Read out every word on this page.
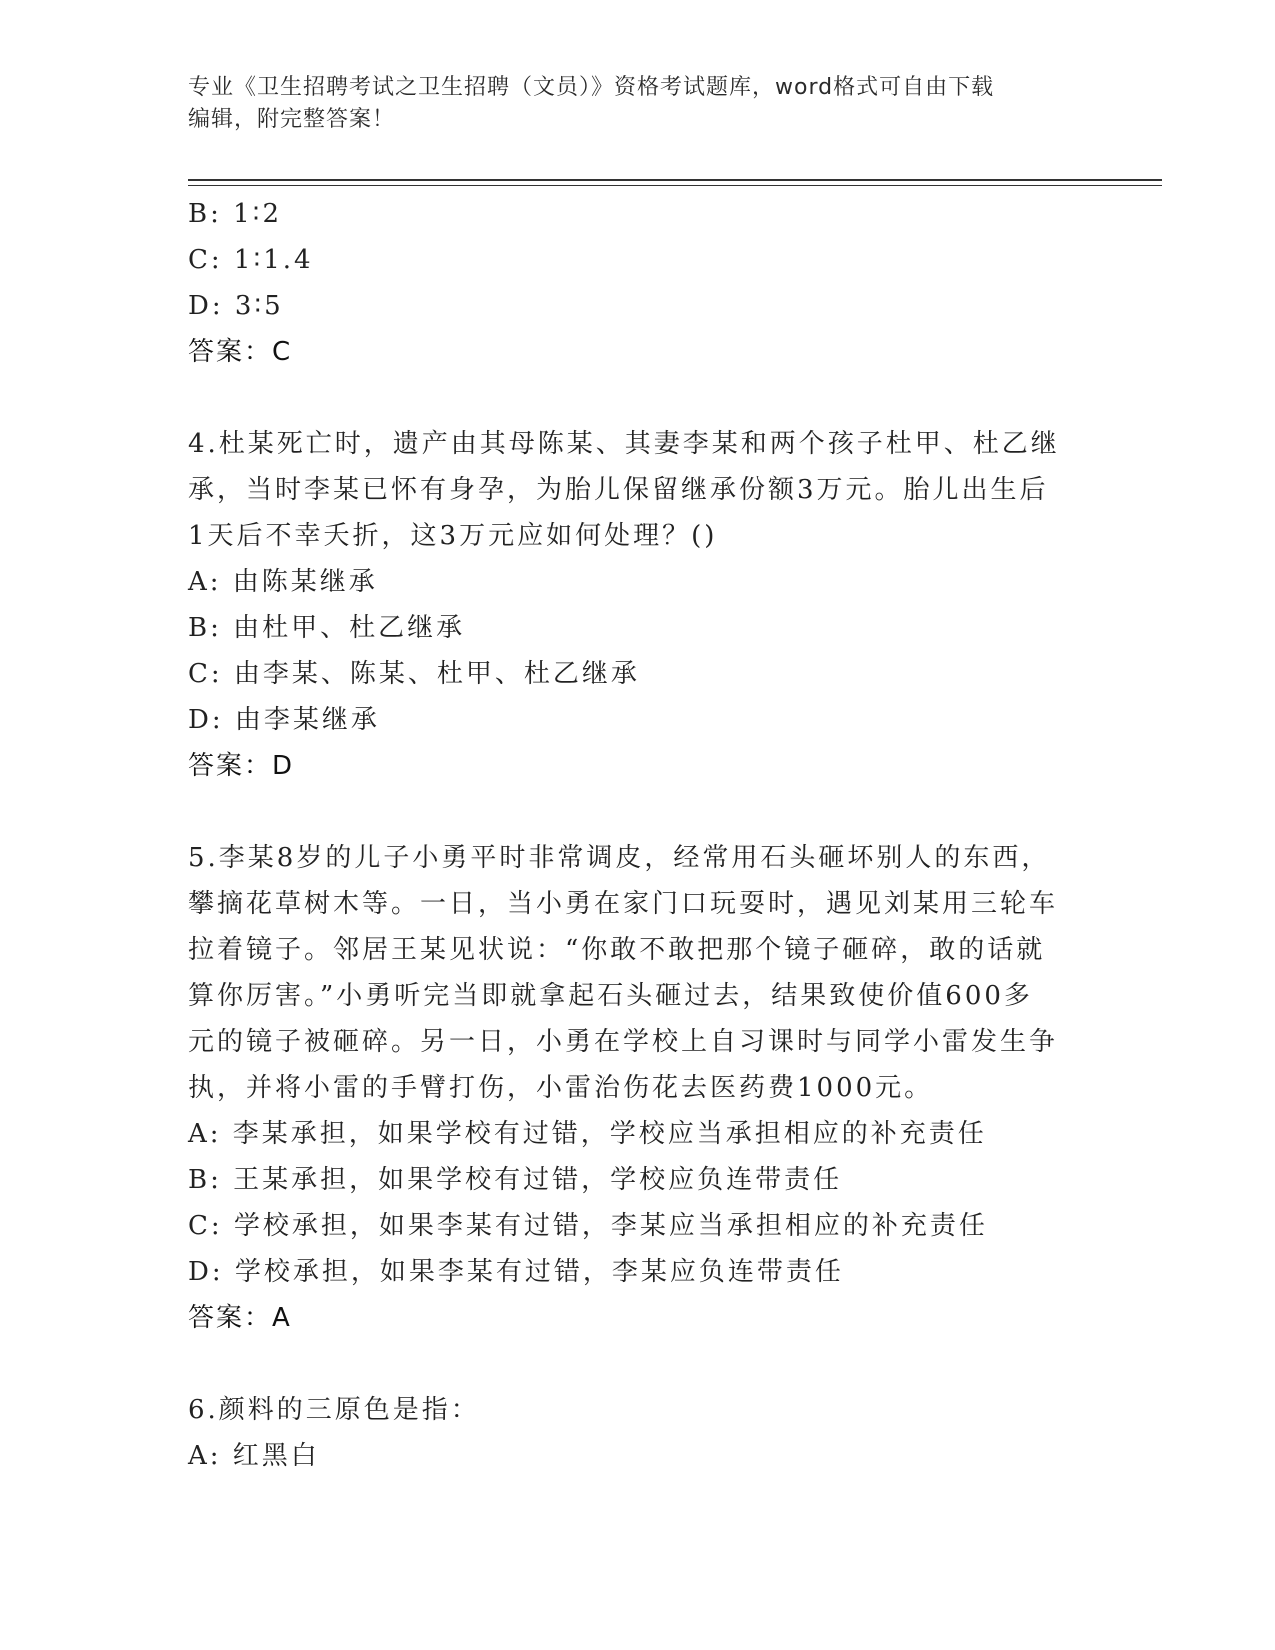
专业《卫生招聘考试之卫生招聘（文员）》资格考试题库，word格式可自由下载
编辑，附完整答案！
B: 1∶2
C: 1∶1.4
D: 3∶5
答案：C
4.杜某死亡时，遗产由其母陈某、其妻李某和两个孩子杜甲、杜乙继
承，当时李某已怀有身孕，为胎儿保留继承份额3万元。胎儿出生后
1天后不幸夭折，这3万元应如何处理？()
A: 由陈某继承
B: 由杜甲、杜乙继承
C: 由李某、陈某、杜甲、杜乙继承
D: 由李某继承
答案：D
5.李某8岁的儿子小勇平时非常调皮，经常用石头砸坏别人的东西，
攀摘花草树木等。一日，当小勇在家门口玩耍时，遇见刘某用三轮车
拉着镜子。邻居王某见状说：“你敢不敢把那个镜子砸碎，敢的话就
算你厉害。”小勇听完当即就拿起石头砸过去，结果致使价值600多
元的镜子被砸碎。另一日，小勇在学校上自习课时与同学小雷发生争
执，并将小雷的手臂打伤，小雷治伤花去医药费1000元。
A: 李某承担，如果学校有过错，学校应当承担相应的补充责任
B: 王某承担，如果学校有过错，学校应负连带责任
C: 学校承担，如果李某有过错，李某应当承担相应的补充责任
D: 学校承担，如果李某有过错，李某应负连带责任
答案：A
6.颜料的三原色是指：
A: 红黑白
